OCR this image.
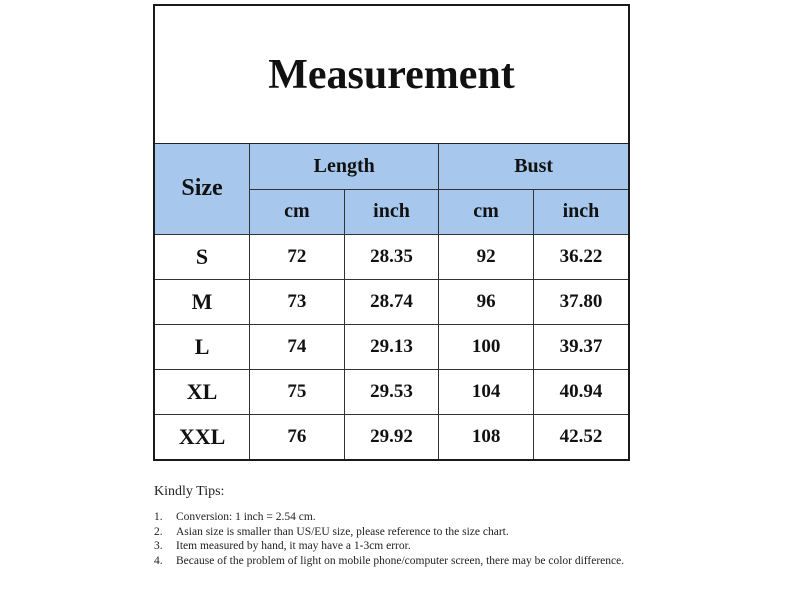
Measurement
Size	Length		Bust	
	cm	inch	cm	inch
S	72	28.35	92	36.22
M	73	28.74	96	37.80
L	74	29.13	100	39.37
XL	75	29.53	104	40.94
XXL	76	29.92	108	42.52
Kindly Tips:
1.	Conversion: 1 inch = 2.54 cm.
2.	Asian size is smaller than US/EU size, please reference to the size chart.
3.	Item measured by hand, it may have a 1-3cm error.
4.	Because of the problem of light on mobile phone/computer screen, there may be color difference.
